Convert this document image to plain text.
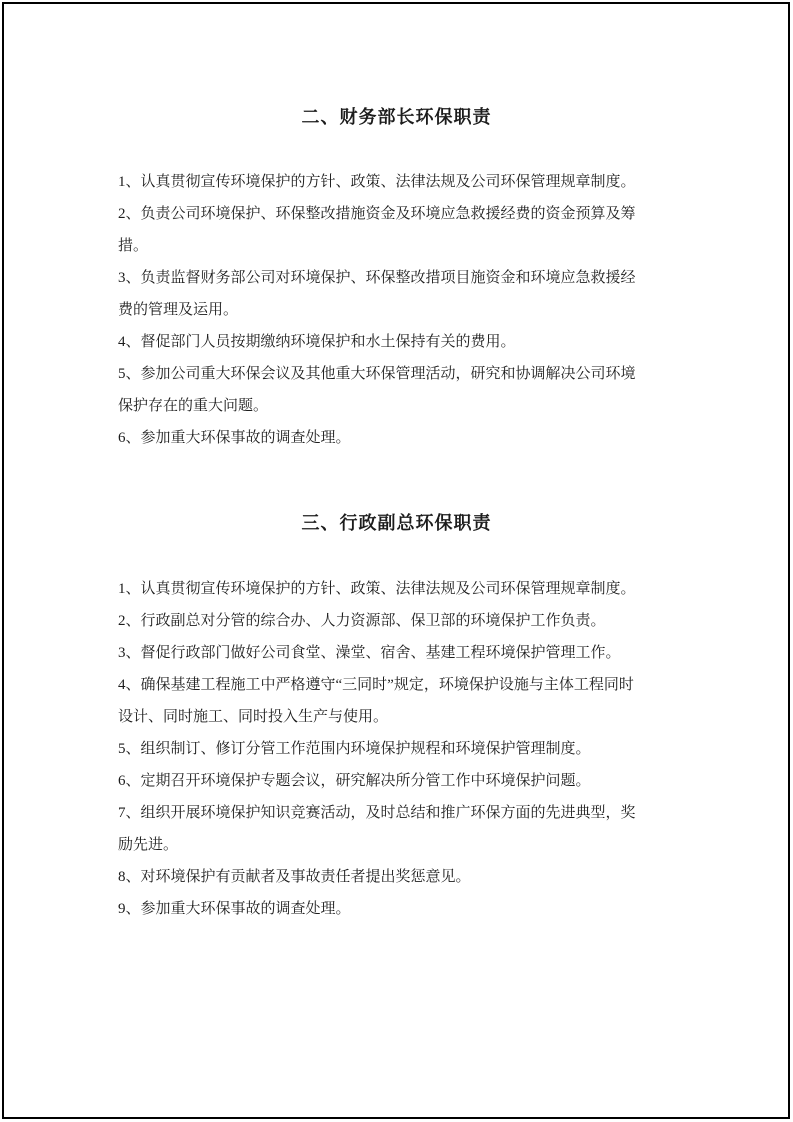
二、财务部长环保职责

1、认真贯彻宣传环境保护的方针、政策、法律法规及公司环保管理规章制度。

2、负责公司环境保护、环保整改措施资金及环境应急救援经费的资金预算及筹措。

3、负责监督财务部公司对环境保护、环保整改措项目施资金和环境应急救援经费的管理及运用。

4、督促部门人员按期缴纳环境保护和水土保持有关的费用。

5、参加公司重大环保会议及其他重大环保管理活动，研究和协调解决公司环境保护存在的重大问题。

6、参加重大环保事故的调查处理。

三、行政副总环保职责

1、认真贯彻宣传环境保护的方针、政策、法律法规及公司环保管理规章制度。

2、行政副总对分管的综合办、人力资源部、保卫部的环境保护工作负责。

3、督促行政部门做好公司食堂、澡堂、宿舍、基建工程环境保护管理工作。

4、确保基建工程施工中严格遵守“三同时”规定，环境保护设施与主体工程同时设计、同时施工、同时投入生产与使用。

5、组织制订、修订分管工作范围内环境保护规程和环境保护管理制度。

6、定期召开环境保护专题会议，研究解决所分管工作中环境保护问题。

7、组织开展环境保护知识竞赛活动，及时总结和推广环保方面的先进典型，奖励先进。

8、对环境保护有贡献者及事故责任者提出奖惩意见。

9、参加重大环保事故的调查处理。
